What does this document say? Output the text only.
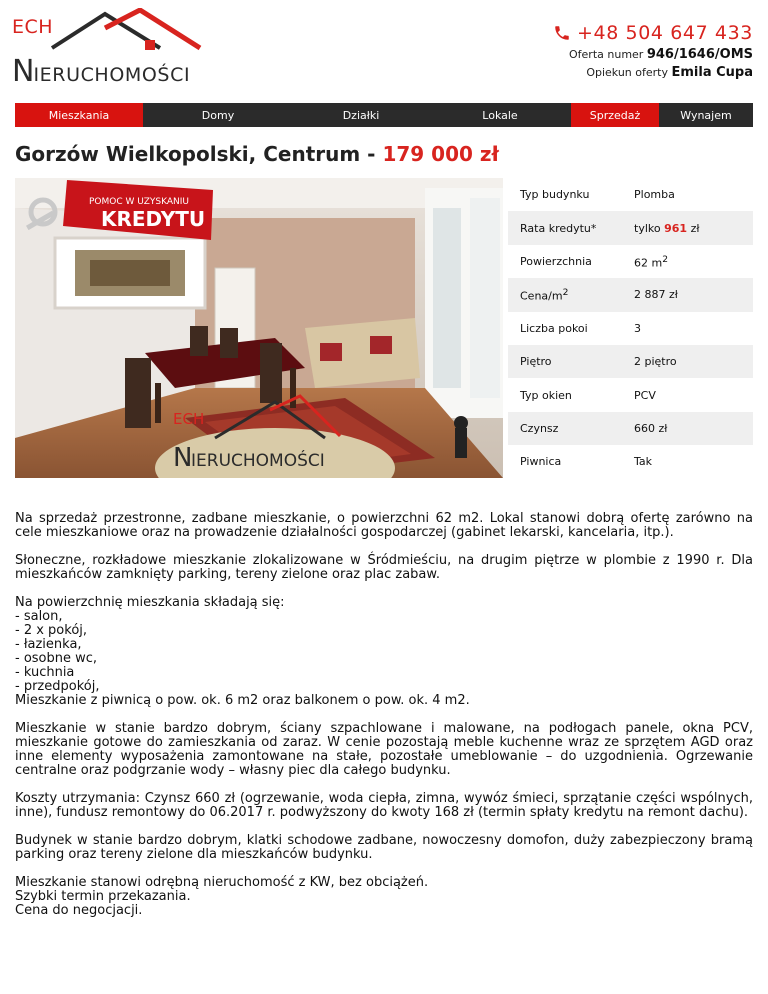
ECH
NIERUCHOMOŚCI
+48 504 647 433
Oferta numer 946/1646/OMS
Opiekun oferty Emila Cupa
Mieszkania	Domy	Działki	Lokale	Sprzedaż	Wynajem
Gorzów Wielkopolski, Centrum - 179 000 zł
POMOC W UZYSKANIU
KREDYTU
ECH
N
IERUCHOMOŚCI
Typ budynku	Plomba
Rata kredytu*	tylko 961 zł
Powierzchnia	62 $m^2$
Cena/$m^2$	2 887 zł
Liczba pokoi	3
Piętro	2 piętro
Typ okien	PCV
Czynsz	660 zł
Piwnica	Tak

Na sprzedaż przestronne, zadbane mieszkanie, o powierzchni 62 m2. Lokal stanowi dobrą ofertę zarówno na cele mieszkaniowe oraz na prowadzenie działalności gospodarczej (gabinet lekarski, kancelaria, itp.).

Słoneczne, rozkładowe mieszkanie zlokalizowane w Śródmieściu, na drugim piętrze w plombie z 1990 r. Dla mieszkańców zamknięty parking, tereny zielone oraz plac zabaw.

Na powierzchnię mieszkania składają się:
- salon,
- 2 x pokój,
- łazienka,
- osobne wc,
- kuchnia
- przedpokój,
Mieszkanie z piwnicą o pow. ok. 6 m2 oraz balkonem o pow. ok. 4 m2.

Mieszkanie w stanie bardzo dobrym, ściany szpachlowane i malowane, na podłogach panele, okna PCV, mieszkanie gotowe do zamieszkania od zaraz. W cenie pozostają meble kuchenne wraz ze sprzętem AGD oraz inne elementy wyposażenia zamontowane na stałe, pozostałe umeblowanie – do uzgodnienia. Ogrzewanie centralne oraz podgrzanie wody – własny piec dla całego budynku.

Koszty utrzymania: Czynsz 660 zł (ogrzewanie, woda ciepła, zimna, wywóz śmieci, sprzątanie części wspólnych, inne), fundusz remontowy do 06.2017 r. podwyższony do kwoty 168 zł (termin spłaty kredytu na remont dachu).

Budynek w stanie bardzo dobrym, klatki schodowe zadbane, nowoczesny domofon, duży zabezpieczony bramą parking oraz tereny zielone dla mieszkańców budynku.

Mieszkanie stanowi odrębną nieruchomość z KW, bez obciążeń.
Szybki termin przekazania.
Cena do negocjacji.
